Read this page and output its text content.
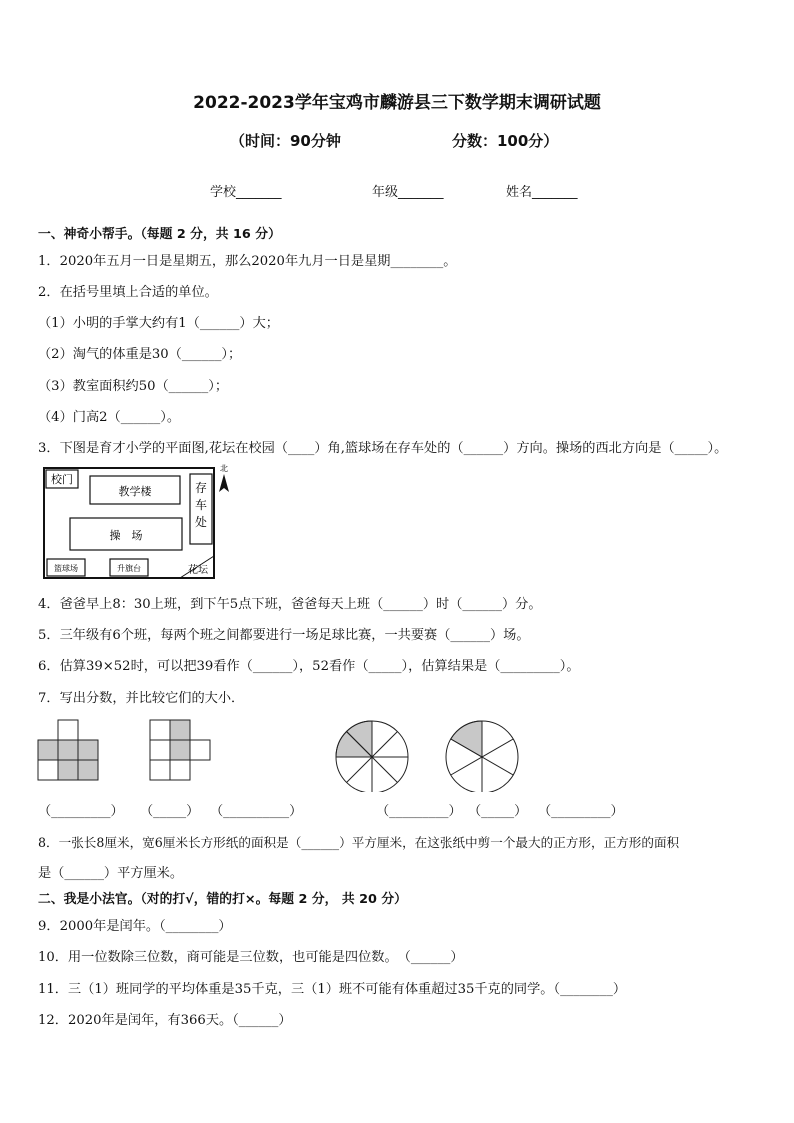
2022-2023学年宝鸡市麟游县三下数学期末调研试题
（时间：90分钟	分数：100分）
学校_______	年级_______	姓名_______
一、神奇小帮手。（每题 2 分，共 16 分）
1．2020年五月一日是星期五，那么2020年九月一日是星期________。
2．在括号里填上合适的单位。
（1）小明的手掌大约有1（______）大；
（2）淘气的体重是30（______）；
（3）教室面积约50（______）；
（4）门高2（______）。
3．下图是育才小学的平面图,花坛在校园（____）角,篮球场在存车处的（______）方向。操场的西北方向是（_____）。
校门
教学楼	存
车
处
操　场
篮球场	升旗台	花坛
北
4．爸爸早上8：30上班，到下午5点下班，爸爸每天上班（______）时（______）分。
5．三年级有6个班，每两个班之间都要进行一场足球比赛，一共要赛（______）场。
6．估算39×52时，可以把39看作（______），52看作（_____），估算结果是（_________）。
7．写出分数，并比较它们的大小．
（_________） （_____） （__________）	（_________） （_____） （_________）
8．一张长8厘米，宽6厘米长方形纸的面积是（______）平方厘米，在这张纸中剪一个最大的正方形，正方形的面积
是（______）平方厘米。
二、我是小法官。（对的打√，错的打×。每题 2 分， 共 20 分）
9．2000年是闰年。（________）
10．用一位数除三位数，商可能是三位数，也可能是四位数。　（______）
11．三（1）班同学的平均体重是35千克，三（1）班不可能有体重超过35千克的同学。（________）
12．2020年是闰年，有366天。（______）
